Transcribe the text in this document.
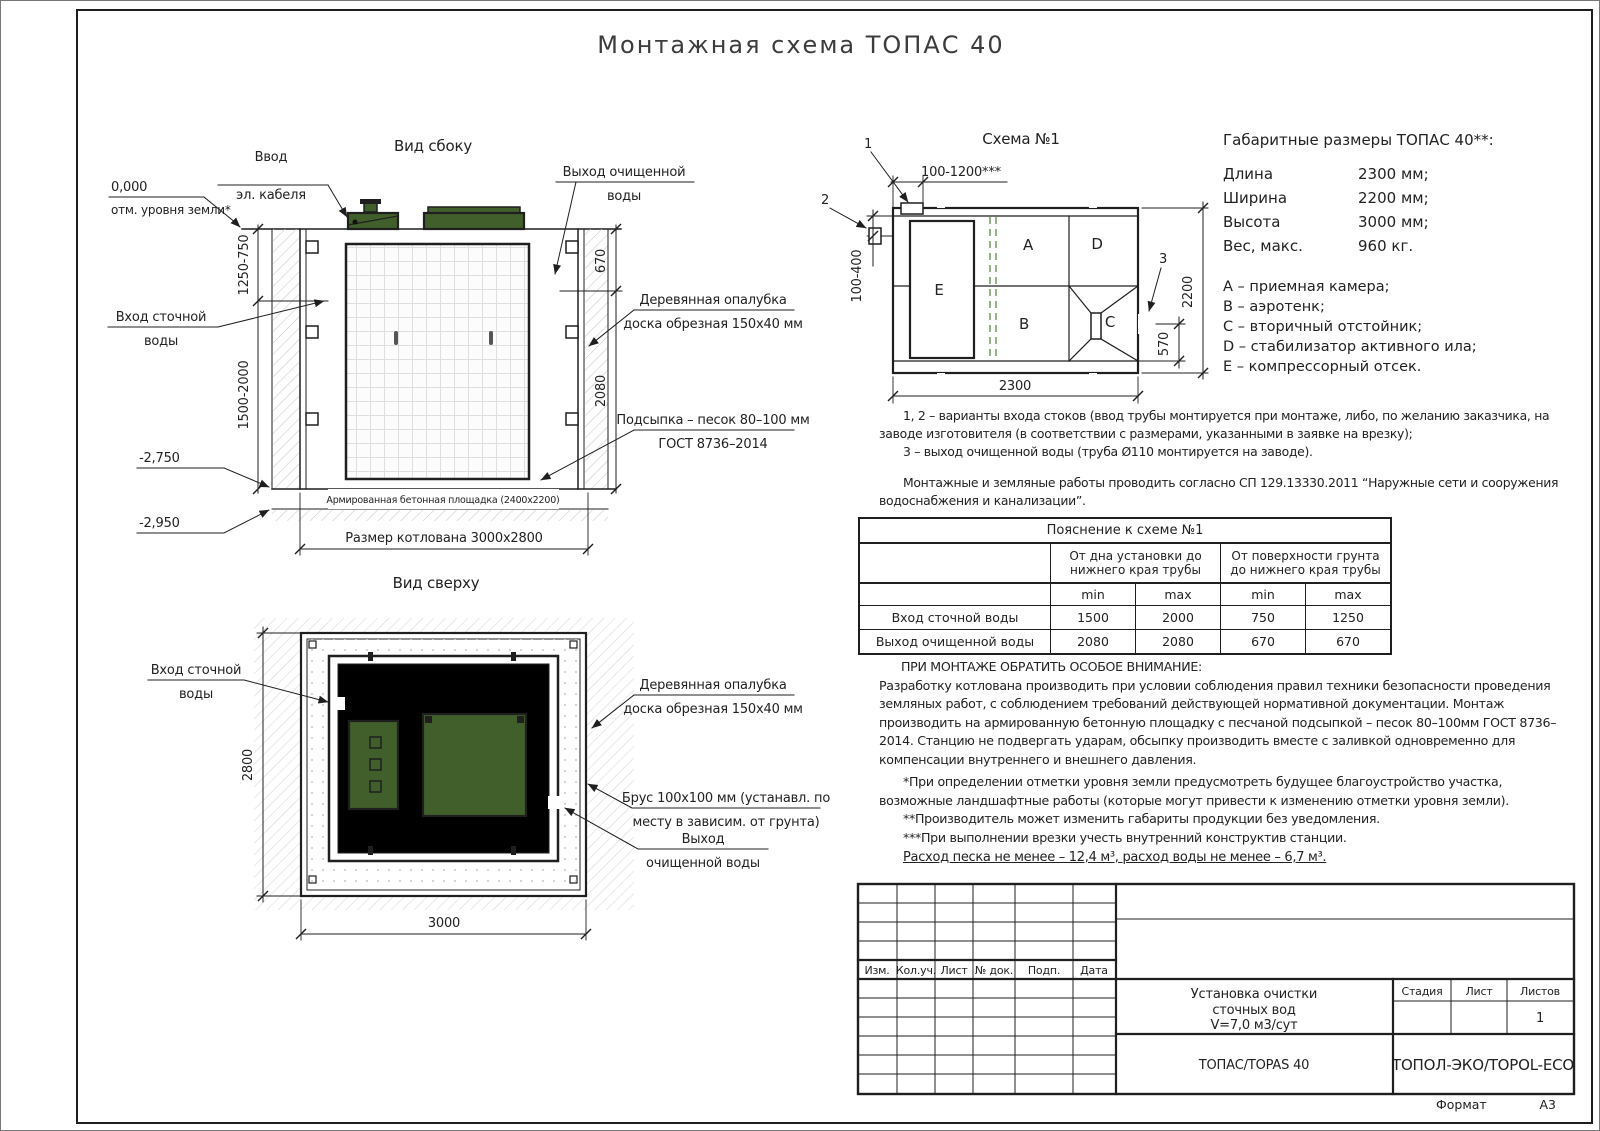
Монтажная схема ТОПАС 40
Вид сбоку
0,000
отм. уровня земли*
Ввод
эл. кабеля
1250-750
1500-2000
Вход сточной
воды
Выход очищенной
воды
670
2080
Деревянная опалубка
доска обрезная 150х40 мм
Подсыпка – песок 80–100 мм
ГОСТ 8736–2014
Армированная бетонная площадка (2400х2200)
-2,750
-2,950
Размер котлована 3000х2800
Вид сверху
Вход сточной
воды
2800
3000
Деревянная опалубка
доска обрезная 150х40 мм
Брус 100х100 мм (устанавл. по
месту в зависим. от грунта)
Выход
очищенной воды
Схема №1
A
B	C
D
E
1
2
3
100-1200***
100-400
570
2200
2300
Габаритные размеры ТОПАС 40**:
Длина	2300 мм;
Ширина	2200 мм;
Высота	3000 мм;
Вес, макс.	960 кг.
A – приемная камера;
B – аэротенк;
C – вторичный отстойник;
D – стабилизатор активного ила;
E – компрессорный отсек.

1, 2 – варианты входа стоков (ввод трубы монтируется при монтаже, либо, по желанию заказчика, на заводе изготовителя (в соответствии с размерами, указанными в заявке на врезку);

3 – выход очищенной воды (труба Ø110 монтируется на заводе).

Монтажные и земляные работы проводить согласно СП 129.13330.2011 “Наружные сети и сооружения водоснабжения и канализации”.

Пояснение к схеме №1				
	От дна установки до нижнего края трубы		От поверхности грунта до нижнего края трубы	
	min	max	min	max
Вход сточной воды	1500	2000	750	1250
Выход очищенной воды	2080	2080	670	670
ПРИ МОНТАЖЕ ОБРАТИТЬ ОСОБОЕ ВНИМАНИЕ:

Разработку котлована производить при условии соблюдения правил техники безопасности проведения земляных работ, с соблюдением требований действующей нормативной документации. Монтаж производить на армированную бетонную площадку с песчаной подсыпкой – песок 80–100мм ГОСТ 8736–2014. Станцию не подвергать ударам, обсыпку производить вместе с заливкой одновременно для компенсации внутреннего и внешнего давления.

*При определении отметки уровня земли предусмотреть будущее благоустройство участка, возможные ландшафтные работы (которые могут привести к изменению отметки уровня земли).

**Производитель может изменить габариты продукции без уведомления.

***При выполнении врезки учесть внутренний конструктив станции.

Расход песка не менее – 12,4 м³, расход воды не менее – 6,7 м³.
Изм. Кол.уч. Лист № док. Подп. Дата
Установка очистки
сточных вод
V=7,0 м3/сут
Стадия Лист	Листов
1
ТОПАС/TOPAS 40	ТОПОЛ-ЭКО/TOPOL-ECO
Формат	А3
